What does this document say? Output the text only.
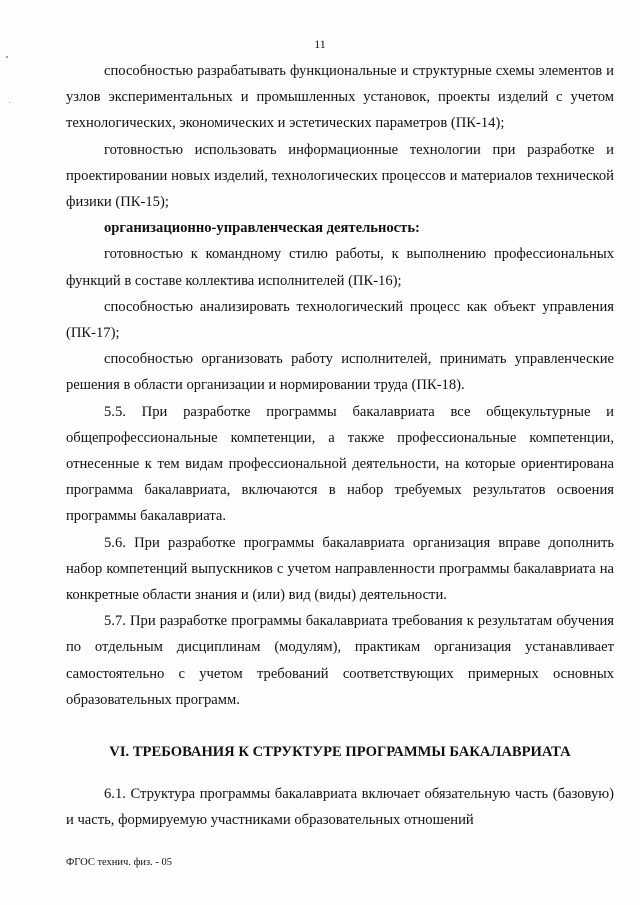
11

способностью разрабатывать функциональные и структурные схемы элементов и узлов экспериментальных и промышленных установок, проекты изделий с учетом технологических, экономических и эстетических параметров (ПК-14);

готовностью использовать информационные технологии при разработке и проектировании новых изделий, технологических процессов и материалов технической физики (ПК-15);

организационно-управленческая деятельность:

готовностью к командному стилю работы, к выполнению профессиональных функций в составе коллектива исполнителей (ПК-16);

способностью анализировать технологический процесс как объект управления (ПК-17);

способностью организовать работу исполнителей, принимать управленческие решения в области организации и нормировании труда (ПК-18).

5.5. При разработке программы бакалавриата все общекультурные и общепрофессиональные компетенции, а также профессиональные компетенции, отнесенные к тем видам профессиональной деятельности, на которые ориентирована программа бакалавриата, включаются в набор требуемых результатов освоения программы бакалавриата.

5.6. При разработке программы бакалавриата организация вправе дополнить набор компетенций выпускников с учетом направленности программы бакалавриата на конкретные области знания и (или) вид (виды) деятельности.

5.7. При разработке программы бакалавриата требования к результатам обучения по отдельным дисциплинам (модулям), практикам организация устанавливает самостоятельно с учетом требований соответствующих примерных основных образовательных программ.

VI. ТРЕБОВАНИЯ К СТРУКТУРЕ ПРОГРАММЫ БАКАЛАВРИАТА

6.1. Структура программы бакалавриата включает обязательную часть (базовую) и часть, формируемую участниками образовательных отношений

ФГОС технич. физ. - 05
